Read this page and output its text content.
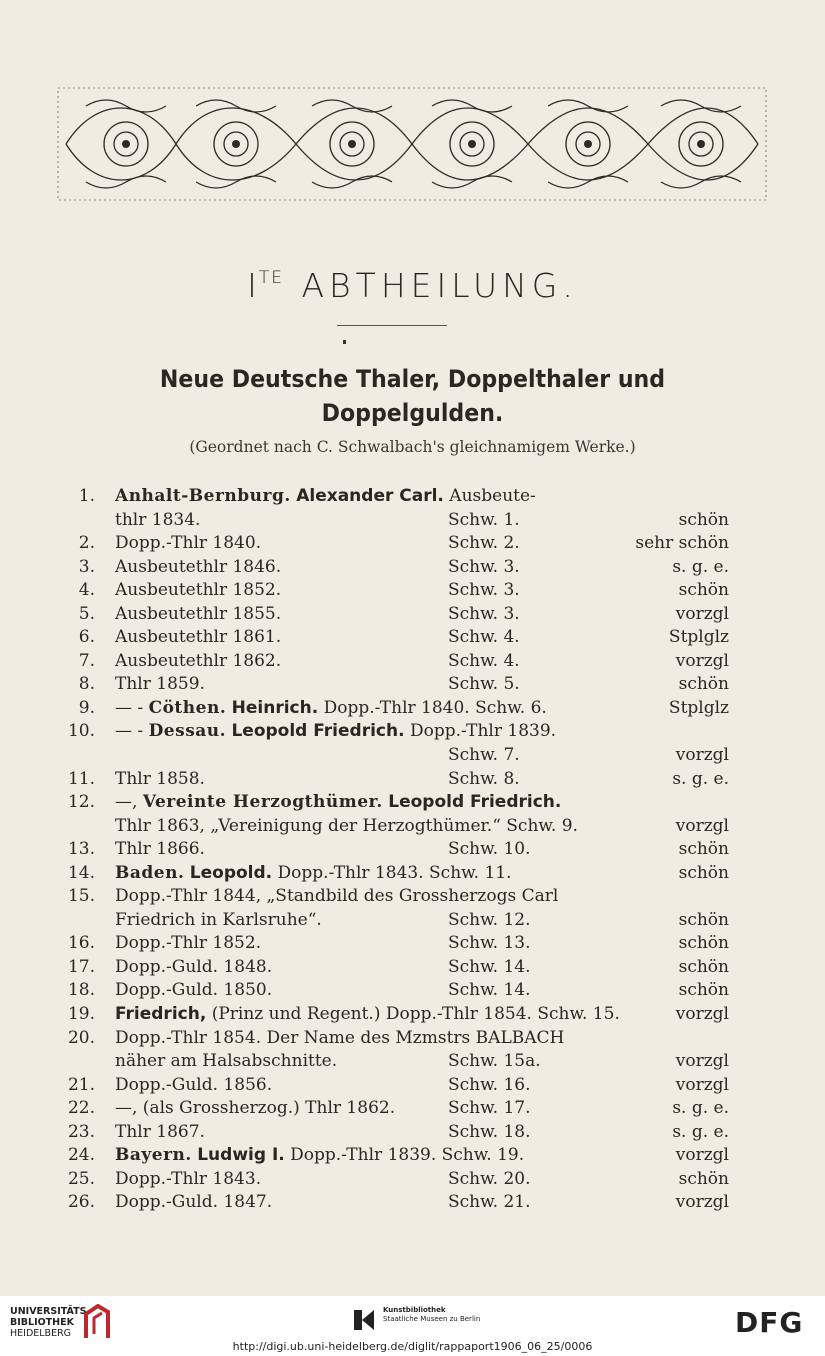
$I^{TE}$ ABTHEILUNG.
Neue Deutsche Thaler, Doppelthaler und
Doppelgulden.
(Geordnet nach C. Schwalbach's gleichnamigem Werke.)
1. Anhalt-Bernburg. Alexander Carl. Ausbeute-
thlr 1834.	Schw. 1.	schön
2. Dopp.-Thlr 1840.	Schw. 2.	sehr schön
3. Ausbeutethlr 1846.	Schw. 3.	s. g. e.
4. Ausbeutethlr 1852.	Schw. 3.	schön
5. Ausbeutethlr 1855.	Schw. 3.	vorzgl
6. Ausbeutethlr 1861.	Schw. 4.	Stplglz
7. Ausbeutethlr 1862.	Schw. 4.	vorzgl
8. Thlr 1859.	Schw. 5.	schön
9. — - Cöthen. Heinrich. Dopp.-Thlr 1840. Schw. 6.	Stplglz
10. — - Dessau. Leopold Friedrich. Dopp.-Thlr 1839.
Schw. 7.	vorzgl
11. Thlr 1858.	Schw. 8.	s. g. e.
12. —, Vereinte Herzogthümer. Leopold Friedrich.
Thlr 1863, „Vereinigung der Herzogthümer.“ Schw. 9.	vorzgl
13. Thlr 1866.	Schw. 10.	schön
14. Baden. Leopold. Dopp.-Thlr 1843. Schw. 11.	schön
15. Dopp.-Thlr 1844, „Standbild des Grossherzogs Carl
Friedrich in Karlsruhe“.	Schw. 12.	schön
16. Dopp.-Thlr 1852.	Schw. 13.	schön
17. Dopp.-Guld. 1848.	Schw. 14.	schön
18. Dopp.-Guld. 1850.	Schw. 14.	schön
19. Friedrich, (Prinz und Regent.) Dopp.-Thlr 1854. Schw. 15.	vorzgl
20. Dopp.-Thlr 1854. Der Name des Mzmstrs BALBACH
näher am Halsabschnitte.	Schw. 15a.	vorzgl
21. Dopp.-Guld. 1856.	Schw. 16.	vorzgl
22. —, (als Grossherzog.) Thlr 1862.	Schw. 17.	s. g. e.
23. Thlr 1867.	Schw. 18.	s. g. e.
24. Bayern. Ludwig I. Dopp.-Thlr 1839. Schw. 19.	vorzgl
25. Dopp.-Thlr 1843.	Schw. 20.	schön
26. Dopp.-Guld. 1847.	Schw. 21.	vorzgl
UNIVERSITÄTS-
BIBLIOTHEK
HEIDELBERG
Kunstbibliothek
Staatliche Museen zu Berlin	DFG
http://digi.ub.uni-heidelberg.de/diglit/rappaport1906_06_25/0006
